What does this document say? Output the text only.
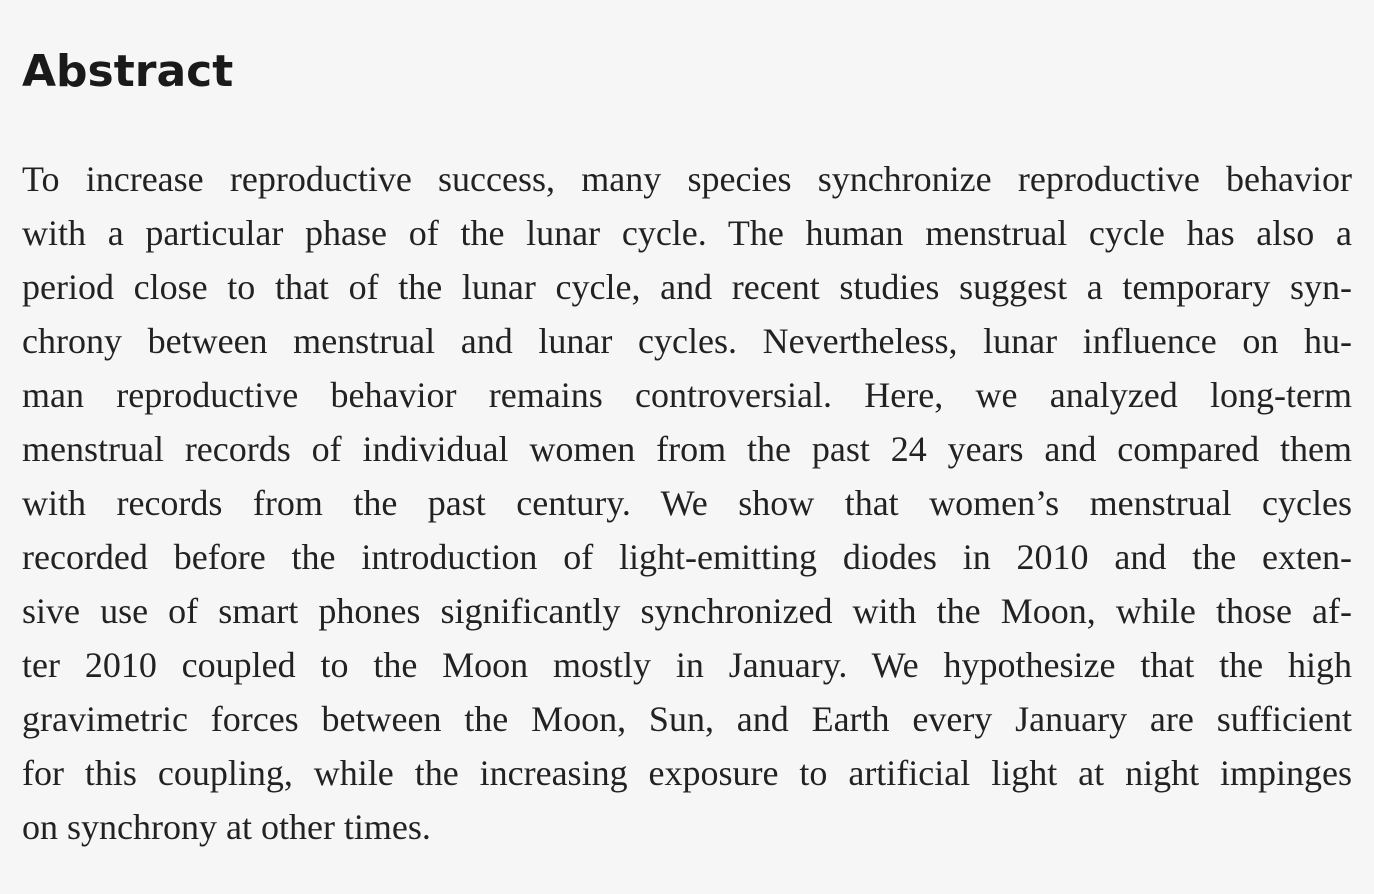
Abstract
To increase reproductive success, many species synchronize reproductive behavior
with a particular phase of the lunar cycle. The human menstrual cycle has also a
period close to that of the lunar cycle, and recent studies suggest a temporary syn-
chrony between menstrual and lunar cycles. Nevertheless, lunar influence on hu-
man reproductive behavior remains controversial. Here, we analyzed long-term
menstrual records of individual women from the past 24 years and compared them
with records from the past century. We show that women’s menstrual cycles
recorded before the introduction of light-emitting diodes in 2010 and the exten-
sive use of smart phones significantly synchronized with the Moon, while those af-
ter 2010 coupled to the Moon mostly in January. We hypothesize that the high
gravimetric forces between the Moon, Sun, and Earth every January are sufficient
for this coupling, while the increasing exposure to artificial light at night impinges
on synchrony at other times.
